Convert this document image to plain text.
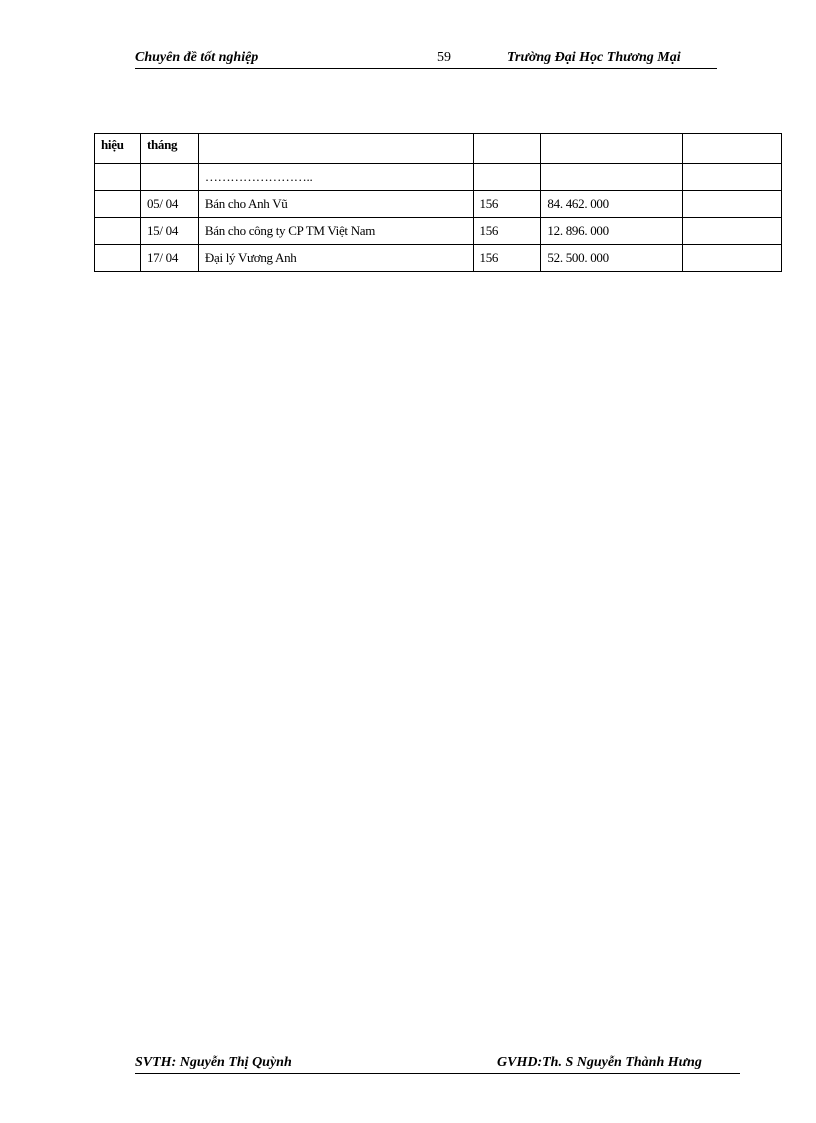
Chuyên đề tốt nghiệp	59	Trường Đại Học Thương Mại
hiệu	tháng				
		……………………..			
	05/ 04	Bán cho Anh Vũ	156	84. 462. 000	
	15/ 04	Bán cho công ty CP TM Việt Nam	156	12. 896. 000	
	17/ 04	Đại lý Vương Anh	156	52. 500. 000	
SVTH: Nguyễn Thị Quỳnh	GVHD:Th. S Nguyễn Thành Hưng
